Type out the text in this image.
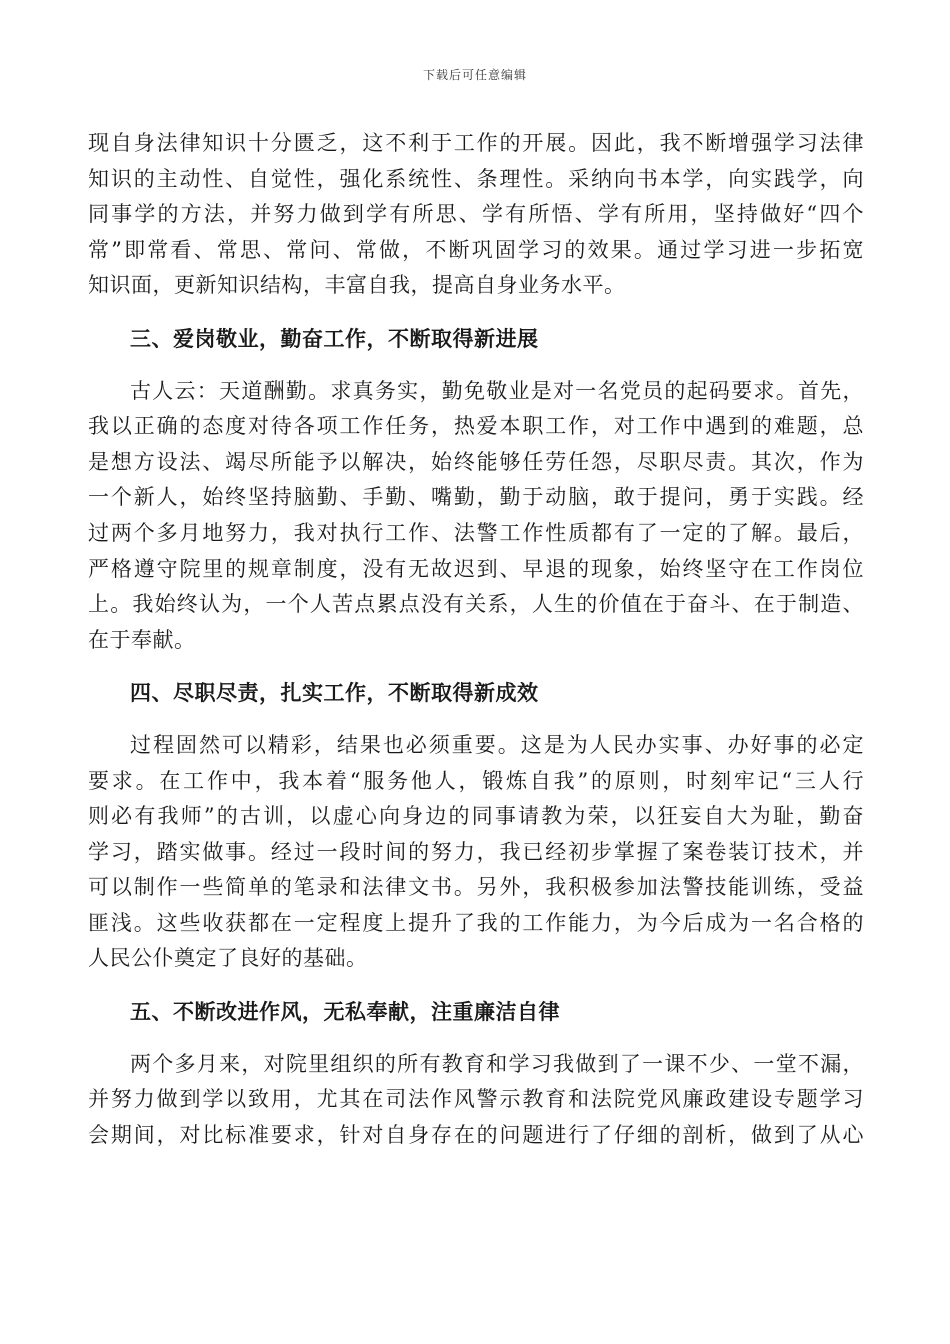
下载后可任意编辑
现自身法律知识十分匮乏，这不利于工作的开展。因此，我不断增强学习法律
知识的主动性、自觉性，强化系统性、条理性。采纳向书本学，向实践学，向
同事学的方法，并努力做到学有所思、学有所悟、学有所用，坚持做好“四个
常”即常看、常思、常问、常做，不断巩固学习的效果。通过学习进一步拓宽
知识面，更新知识结构，丰富自我，提高自身业务水平。
三、爱岗敬业，勤奋工作，不断取得新进展
古人云：天道酬勤。求真务实，勤免敬业是对一名党员的起码要求。首先，
我以正确的态度对待各项工作任务，热爱本职工作，对工作中遇到的难题，总
是想方设法、竭尽所能予以解决，始终能够任劳任怨，尽职尽责。其次，作为
一个新人，始终坚持脑勤、手勤、嘴勤，勤于动脑，敢于提问，勇于实践。经
过两个多月地努力，我对执行工作、法警工作性质都有了一定的了解。最后，
严格遵守院里的规章制度，没有无故迟到、早退的现象，始终坚守在工作岗位
上。我始终认为，一个人苦点累点没有关系，人生的价值在于奋斗、在于制造、
在于奉献。
四、尽职尽责，扎实工作，不断取得新成效
过程固然可以精彩，结果也必须重要。这是为人民办实事、办好事的必定
要求。在工作中，我本着“服务他人，锻炼自我”的原则，时刻牢记“三人行
则必有我师”的古训，以虚心向身边的同事请教为荣，以狂妄自大为耻，勤奋
学习，踏实做事。经过一段时间的努力，我已经初步掌握了案卷装订技术，并
可以制作一些简单的笔录和法律文书。另外，我积极参加法警技能训练，受益
匪浅。这些收获都在一定程度上提升了我的工作能力，为今后成为一名合格的
人民公仆奠定了良好的基础。
五、不断改进作风，无私奉献，注重廉洁自律
两个多月来，对院里组织的所有教育和学习我做到了一课不少、一堂不漏，
并努力做到学以致用，尤其在司法作风警示教育和法院党风廉政建设专题学习
会期间，对比标准要求，针对自身存在的问题进行了仔细的剖析，做到了从心
